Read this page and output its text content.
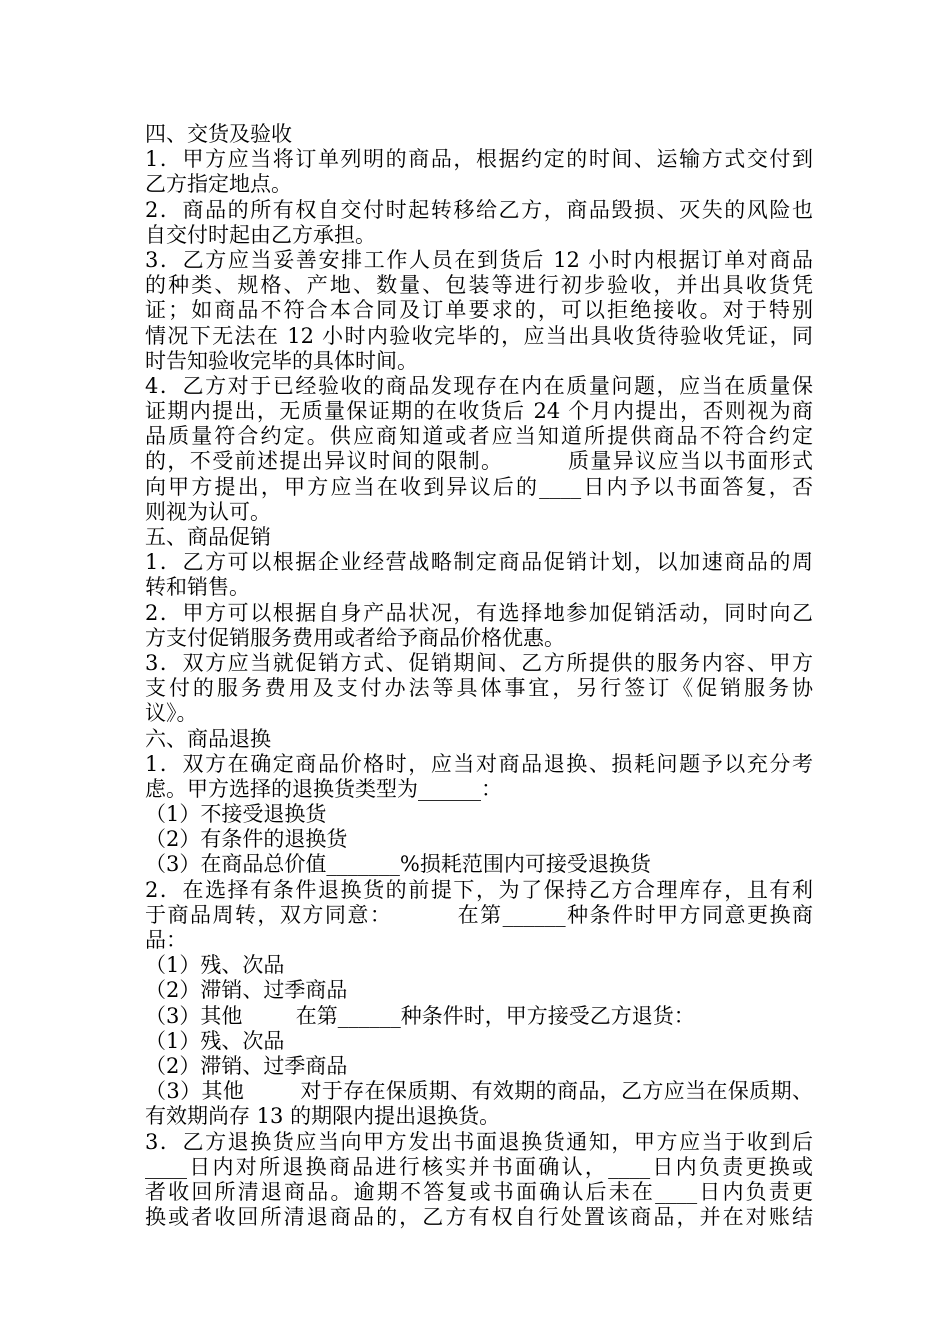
四、交货及验收
1．甲方应当将订单列明的商品，根据约定的时间、运输方式交付到
乙方指定地点。
2．商品的所有权自交付时起转移给乙方，商品毁损、灭失的风险也
自交付时起由乙方承担。
3．乙方应当妥善安排工作人员在到货后 12 小时内根据订单对商品
的种类、规格、产地、数量、包装等进行初步验收，并出具收货凭
证；如商品不符合本合同及订单要求的，可以拒绝接收。对于特别
情况下无法在 12 小时内验收完毕的，应当出具收货待验收凭证，同
时告知验收完毕的具体时间。
4．乙方对于已经验收的商品发现存在内在质量问题，应当在质量保
证期内提出，无质量保证期的在收货后 24 个月内提出，否则视为商
品质量符合约定。供应商知道或者应当知道所提供商品不符合约定
的，不受前述提出异议时间的限制。        质量异议应当以书面形式
向甲方提出，甲方应当在收到异议后的____日内予以书面答复，否
则视为认可。
五、商品促销
1．乙方可以根据企业经营战略制定商品促销计划，以加速商品的周
转和销售。
2．甲方可以根据自身产品状况，有选择地参加促销活动，同时向乙
方支付促销服务费用或者给予商品价格优惠。
3．双方应当就促销方式、促销期间、乙方所提供的服务内容、甲方
支付的服务费用及支付办法等具体事宜，另行签订《促销服务协
议》。
六、商品退换
1．双方在确定商品价格时，应当对商品退换、损耗问题予以充分考
虑。甲方选择的退换货类型为______：
（1）不接受退换货
（2）有条件的退换货
（3）在商品总价值_______%损耗范围内可接受退换货
2．在选择有条件退换货的前提下，为了保持乙方合理库存，且有利
于商品周转，双方同意：        在第______种条件时甲方同意更换商
品：
（1）残、次品
（2）滞销、过季商品
（3）其他        在第______种条件时，甲方接受乙方退货：
（1）残、次品
（2）滞销、过季商品
（3）其他        对于存在保质期、有效期的商品，乙方应当在保质期、
有效期尚存 13 的期限内提出退换货。
3．乙方退换货应当向甲方发出书面退换货通知，甲方应当于收到后
____日内对所退换商品进行核实并书面确认，____日内负责更换或
者收回所清退商品。逾期不答复或书面确认后未在____日内负责更
换或者收回所清退商品的，乙方有权自行处置该商品，并在对账结
